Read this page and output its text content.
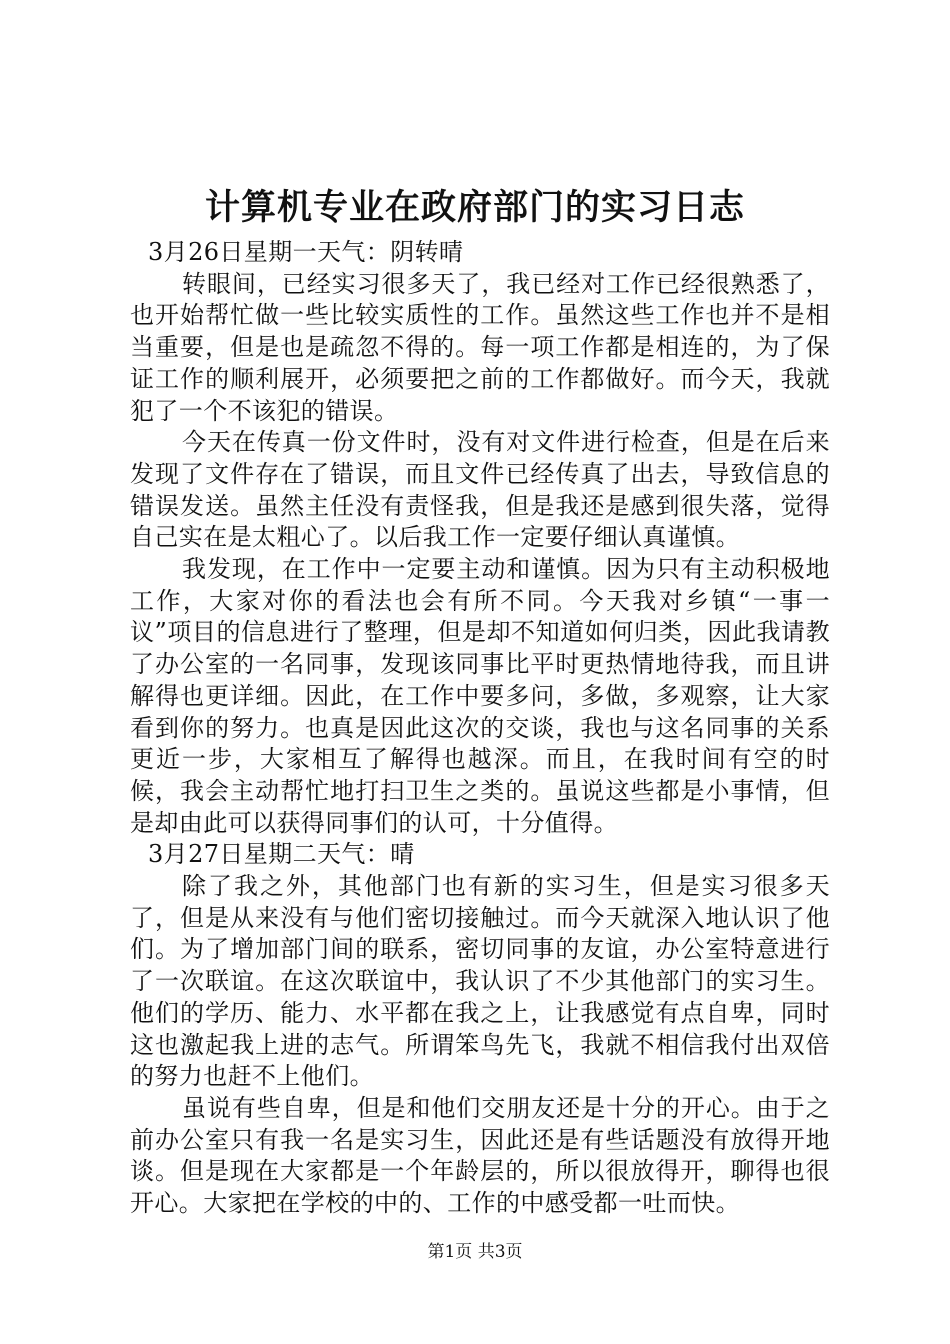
计算机专业在政府部门的实习日志

3月26日星期一天气：阴转晴

转眼间，已经实习很多天了，我已经对工作已经很熟悉了，也开始帮忙做一些比较实质性的工作。虽然这些工作也并不是相当重要，但是也是疏忽不得的。每一项工作都是相连的，为了保证工作的顺利展开，必须要把之前的工作都做好。而今天，我就犯了一个不该犯的错误。

今天在传真一份文件时，没有对文件进行检查，但是在后来发现了文件存在了错误，而且文件已经传真了出去，导致信息的错误发送。虽然主任没有责怪我，但是我还是感到很失落，觉得自己实在是太粗心了。以后我工作一定要仔细认真谨慎。

我发现，在工作中一定要主动和谨慎。因为只有主动积极地工作，大家对你的看法也会有所不同。今天我对乡镇“一事一议”项目的信息进行了整理，但是却不知道如何归类，因此我请教了办公室的一名同事，发现该同事比平时更热情地待我，而且讲解得也更详细。因此，在工作中要多问，多做，多观察，让大家看到你的努力。也真是因此这次的交谈，我也与这名同事的关系更近一步，大家相互了解得也越深。而且，在我时间有空的时候，我会主动帮忙地打扫卫生之类的。虽说这些都是小事情，但是却由此可以获得同事们的认可，十分值得。

3月27日星期二天气：晴

除了我之外，其他部门也有新的实习生，但是实习很多天了，但是从来没有与他们密切接触过。而今天就深入地认识了他们。为了增加部门间的联系，密切同事的友谊，办公室特意进行了一次联谊。在这次联谊中，我认识了不少其他部门的实习生。他们的学历、能力、水平都在我之上，让我感觉有点自卑，同时这也激起我上进的志气。所谓笨鸟先飞，我就不相信我付出双倍的努力也赶不上他们。

虽说有些自卑，但是和他们交朋友还是十分的开心。由于之前办公室只有我一名是实习生，因此还是有些话题没有放得开地谈。但是现在大家都是一个年龄层的，所以很放得开，聊得也很开心。大家把在学校的中的、工作的中感受都一吐而快。

第1页 共3页
